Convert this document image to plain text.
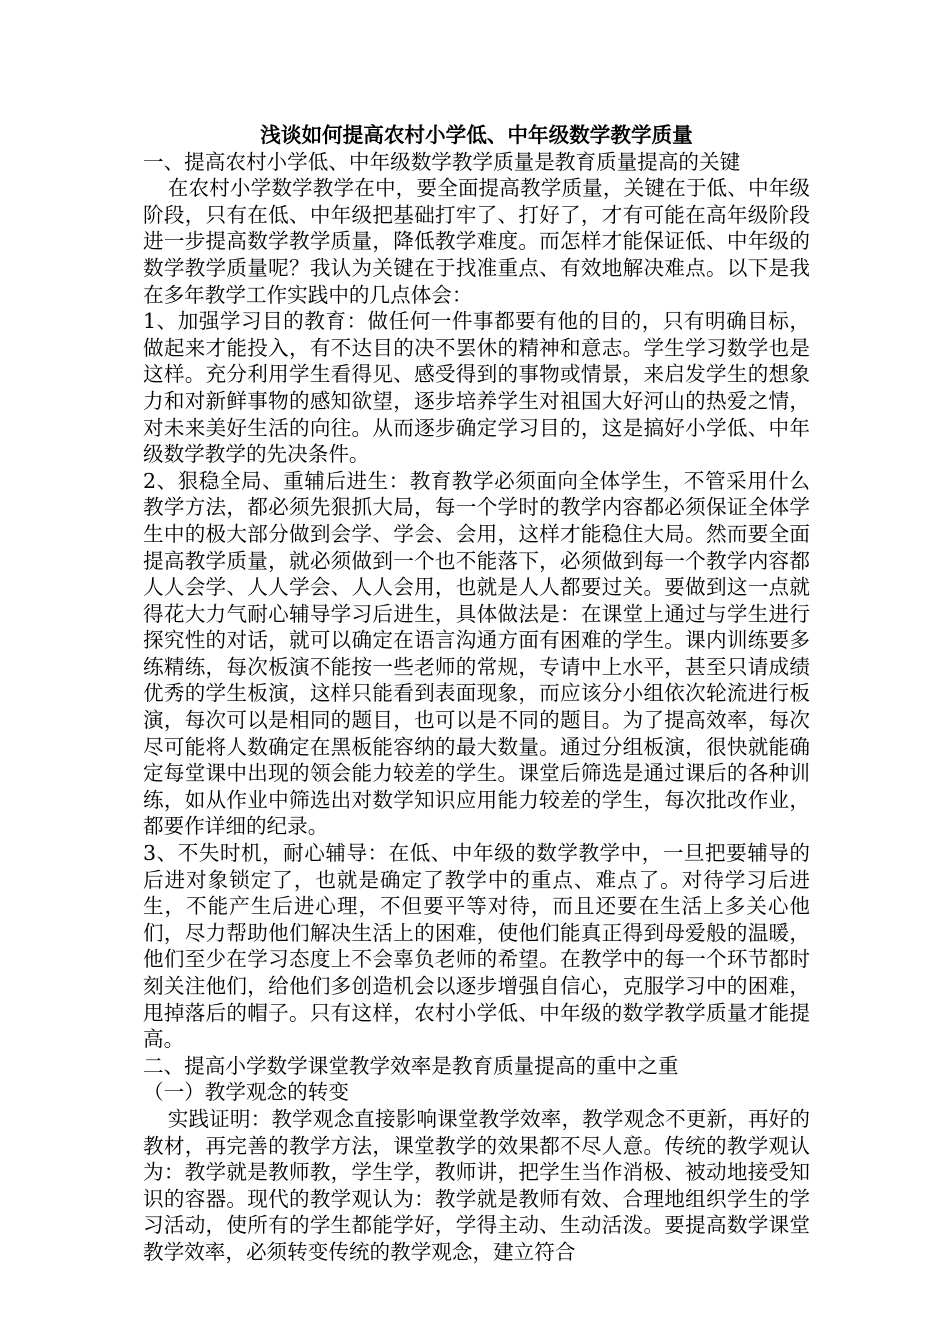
浅谈如何提高农村小学低、中年级数学教学质量

一、提高农村小学低、中年级数学教学质量是教育质量提高的关键

在农村小学数学教学在中，要全面提高教学质量，关键在于低、中年级阶段，只有在低、中年级把基础打牢了、打好了，才有可能在高年级阶段进一步提高数学教学质量，降低教学难度。而怎样才能保证低、中年级的数学教学质量呢？我认为关键在于找准重点、有效地解决难点。以下是我在多年教学工作实践中的几点体会：

1、加强学习目的教育：做任何一件事都要有他的目的，只有明确目标，做起来才能投入，有不达目的决不罢休的精神和意志。学生学习数学也是这样。充分利用学生看得见、感受得到的事物或情景，来启发学生的想象力和对新鲜事物的感知欲望，逐步培养学生对祖国大好河山的热爱之情，对未来美好生活的向往。从而逐步确定学习目的，这是搞好小学低、中年级数学教学的先决条件。

2、狠稳全局、重辅后进生：教育教学必须面向全体学生，不管采用什么教学方法，都必须先狠抓大局，每一个学时的教学内容都必须保证全体学生中的极大部分做到会学、学会、会用，这样才能稳住大局。然而要全面提高教学质量，就必须做到一个也不能落下，必须做到每一个教学内容都人人会学、人人学会、人人会用，也就是人人都要过关。要做到这一点就得花大力气耐心辅导学习后进生，具体做法是：在课堂上通过与学生进行探究性的对话，就可以确定在语言沟通方面有困难的学生。课内训练要多练精练，每次板演不能按一些老师的常规，专请中上水平，甚至只请成绩优秀的学生板演，这样只能看到表面现象，而应该分小组依次轮流进行板演，每次可以是相同的题目，也可以是不同的题目。为了提高效率，每次尽可能将人数确定在黑板能容纳的最大数量。通过分组板演，很快就能确定每堂课中出现的领会能力较差的学生。课堂后筛选是通过课后的各种训练，如从作业中筛选出对数学知识应用能力较差的学生，每次批改作业，都要作详细的纪录。

3、不失时机，耐心辅导：在低、中年级的数学教学中，一旦把要辅导的后进对象锁定了，也就是确定了教学中的重点、难点了。对待学习后进生，不能产生后进心理，不但要平等对待，而且还要在生活上多关心他们，尽力帮助他们解决生活上的困难，使他们能真正得到母爱般的温暖，他们至少在学习态度上不会辜负老师的希望。在教学中的每一个环节都时刻关注他们，给他们多创造机会以逐步增强自信心，克服学习中的困难，甩掉落后的帽子。只有这样，农村小学低、中年级的数学教学质量才能提高。

二、提高小学数学课堂教学效率是教育质量提高的重中之重

（一）教学观念的转变

实践证明：教学观念直接影响课堂教学效率，教学观念不更新，再好的教材，再完善的教学方法，课堂教学的效果都不尽人意。传统的教学观认为：教学就是教师教，学生学，教师讲，把学生当作消极、被动地接受知识的容器。现代的教学观认为：教学就是教师有效、合理地组织学生的学习活动，使所有的学生都能学好，学得主动、生动活泼。要提高数学课堂教学效率，必须转变传统的教学观念，建立符合
